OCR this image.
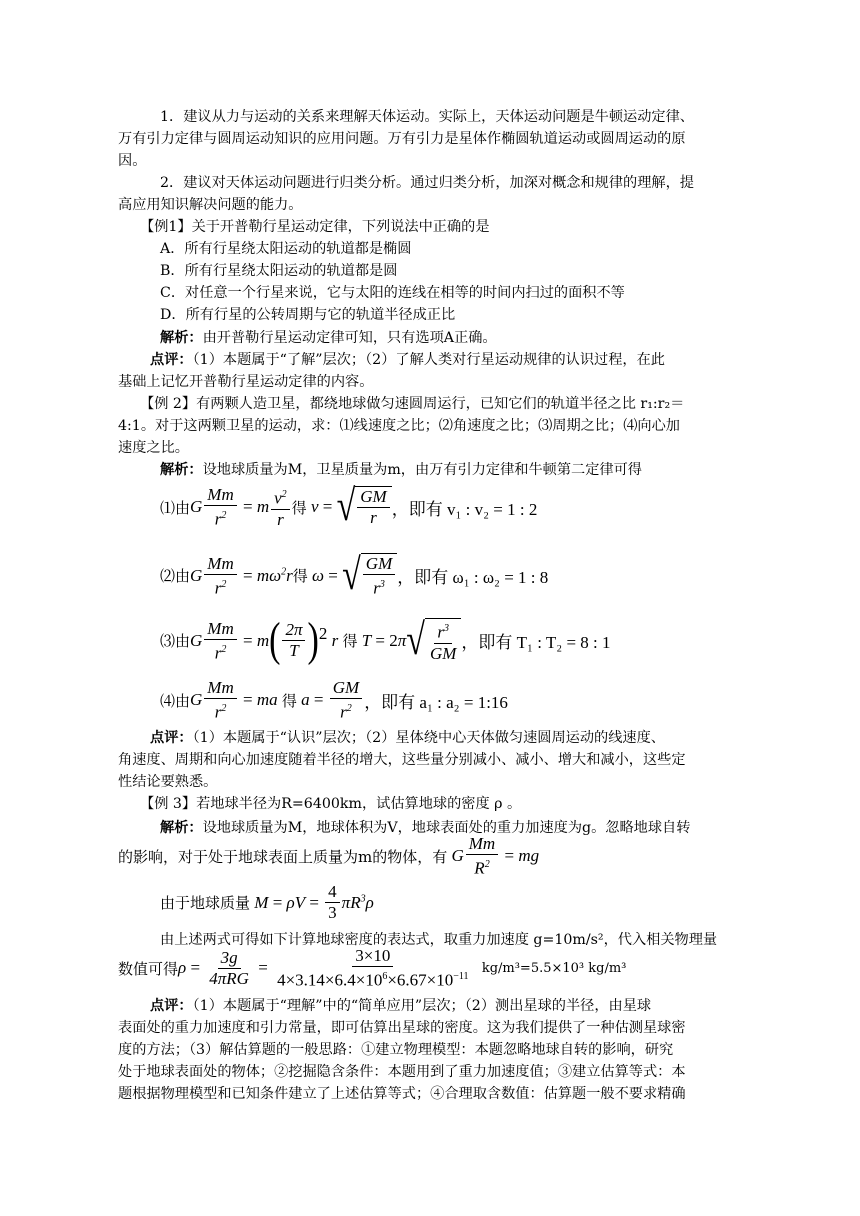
1．建议从力与运动的关系来理解天体运动。实际上，天体运动问题是牛顿运动定律、
万有引力定律与圆周运动知识的应用问题。万有引力是星体作椭圆轨道运动或圆周运动的原
因。
2．建议对天体运动问题进行归类分析。通过归类分析，加深对概念和规律的理解，提
高应用知识解决问题的能力。
【例1】关于开普勒行星运动定律，下列说法中正确的是
A．所有行星绕太阳运动的轨道都是椭圆
B．所有行星绕太阳运动的轨道都是圆
C．对任意一个行星来说，它与太阳的连线在相等的时间内扫过的面积不等
D．所有行星的公转周期与它的轨道半径成正比
解析：由开普勒行星运动定律可知，只有选项A正确。
点评：（1）本题属于“了解”层次；（2）了解人类对行星运动规律的认识过程，在此
基础上记忆开普勒行星运动定律的内容。
【例 2】有两颗人造卫星，都绕地球做匀速圆周运行，已知它们的轨道半径之比 r₁:r₂＝
4:1。对于这两颗卫星的运动，求：⑴线速度之比；⑵角速度之比；⑶周期之比；⑷向心加
速度之比。
解析：设地球质量为M，卫星质量为m，由万有引力定律和牛顿第二定律可得
⑴由 G $\frac{Mm}{r^2} = m \frac{v^2}{r}$ 得 v = √ $\frac{GM}{r}$ ，即有 v₁ : v₂ = 1 : 2
⑵由 G $\frac{Mm}{r^2} = m\omega^2r$ 得 ω = √ $\frac{GM}{r^3}$ ，即有 ω₁ : ω₂ = 1 : 8
⑶由 G $\frac{Mm}{r^2} = m$ ( $\frac{2\pi}{T}$ ) 2 r 得 T = 2 π √ $\frac{r^3}{GM}$ ，即有 T₁ : T₂ = 8 : 1
⑷由 G $\frac{Mm}{r^2}$ = ma 得 $a = \frac{GM}{r^2}$ ，即有 a₁ : a₂ = 1:16
点评：（1）本题属于“认识”层次；（2）星体绕中心天体做匀速圆周运动的线速度、
角速度、周期和向心加速度随着半径的增大，这些量分别减小、减小、增大和减小，这些定
性结论要熟悉。
【例 3】若地球半径为R=6400km，试估算地球的密度 ρ 。
解析：设地球质量为M，地球体积为V，地球表面处的重力加速度为g。忽略地球自转
的影响，对于处于地球表面上质量为m的物体，有 G $\frac{Mm}{R^2}$ = mg
由于地球质量 $M = \rho V = \frac{4}{3} \pi R^3\rho$
由上述两式可得如下计算地球密度的表达式，取重力加速度 g=10m/s²，代入相关物理量
数值可得 $\rho = \frac{3g}{\text{4πRG}} = \frac{3\times 10}{4\times 3.14\times 6.4\times 10^6\times 6.67\times 10^{-11}}$
kg/m³=5.5×10³ kg/m³
点评：（1）本题属于“理解”中的“简单应用”层次；（2）测出星球的半径，由星球
表面处的重力加速度和引力常量，即可估算出星球的密度。这为我们提供了一种估测星球密
度的方法；（3）解估算题的一般思路：①建立物理模型：本题忽略地球自转的影响，研究
处于地球表面处的物体；②挖掘隐含条件：本题用到了重力加速度值；③建立估算等式：本
题根据物理模型和已知条件建立了上述估算等式；④合理取含数值：估算题一般不要求精确
